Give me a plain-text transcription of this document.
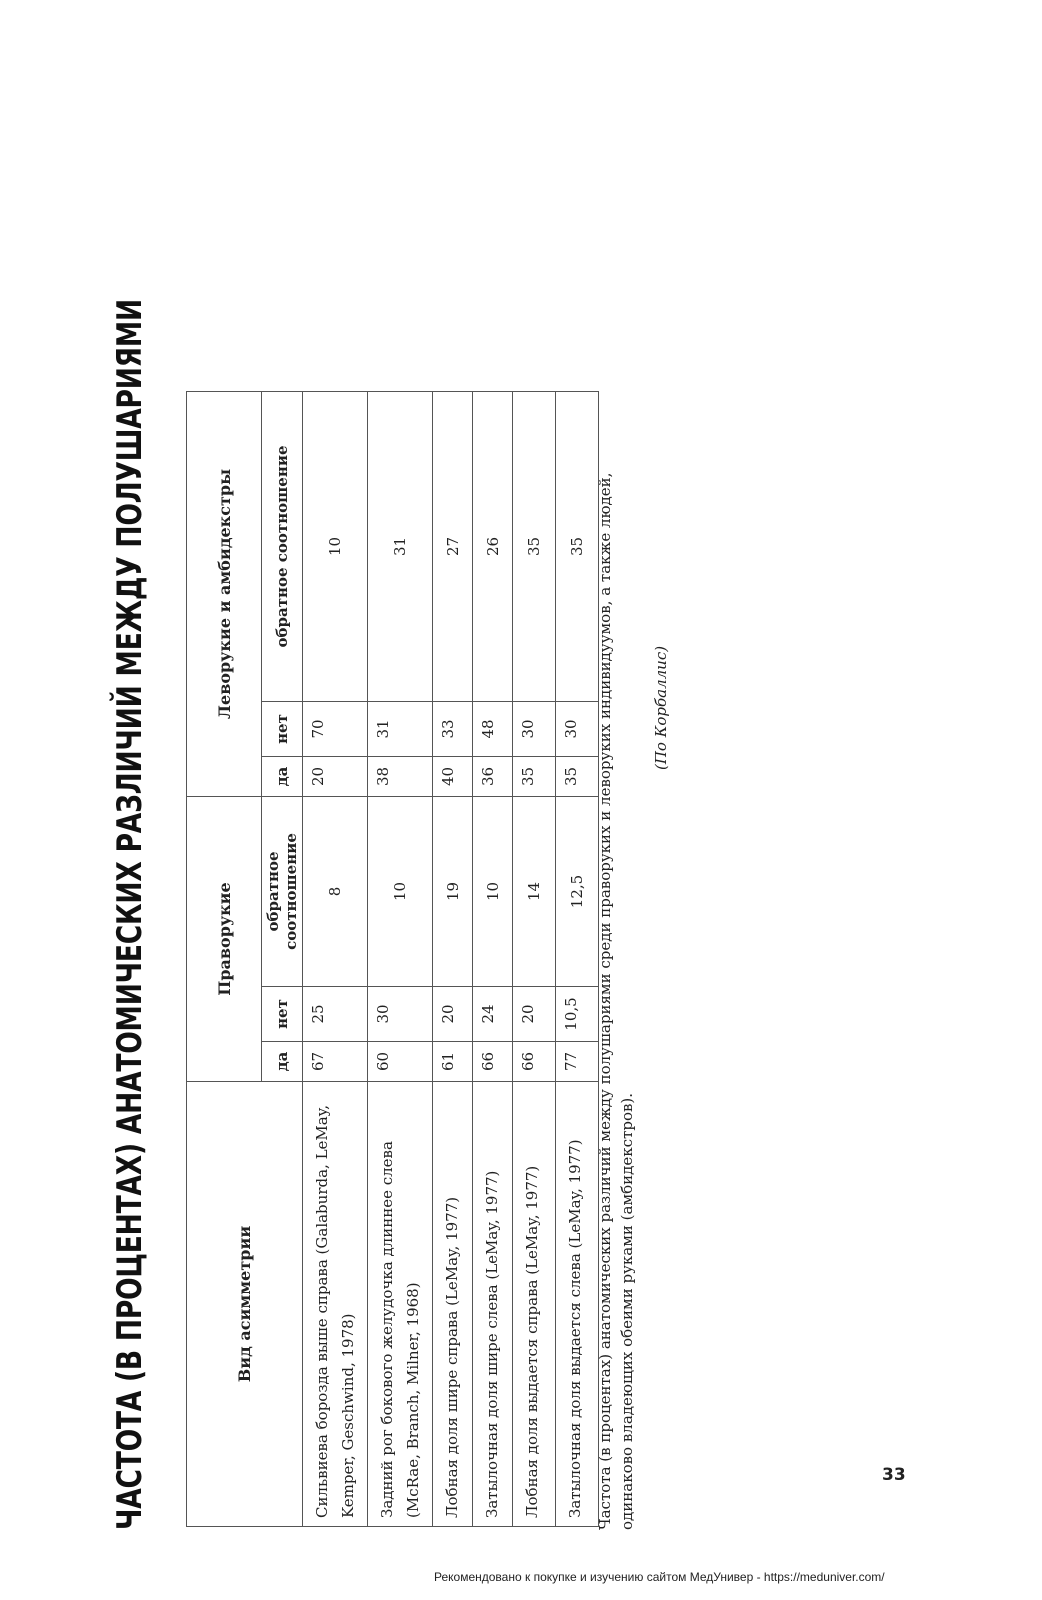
ЧАСТОТА (В ПРОЦЕНТАХ) АНАТОМИЧЕСКИХ РАЗЛИЧИЙ МЕЖДУ ПОЛУШАРИЯМИ	Вид асимметрии	Праворукие			Леворукие и амбидекстры		
	да	нет	обратное соотношение	да	нет	обратное соотношение
Сильвиева борозда выше справа (Galaburda, LeMay, Kemper, Geschwind, 1978)	67	25	8	20	70	10
Задний рог бокового желудочка длиннее слева (McRae, Branch, Milner, 1968)	60	30	10	38	31	31
Лобная доля шире справа (LeMay, 1977)	61	20	19	40	33	27
Затылочная доля шире слева (LeMay, 1977)	66	24	10	36	48	26
Лобная доля выдается справа (LeMay, 1977)	66	20	14	35	30	35
Затылочная доля выдается слева (LeMay, 1977)	77	10,5	12,5	35	30	35 Частота (в процентах) анатомических различий между полушариями среди праворуких и леворуких индивидуумов, а также людей, одинаково владеющих обеими руками (амбидекстров).
(По Корбаллис)
33
Рекомендовано к покупке и изучению сайтом МедУнивер - https://meduniver.com/
